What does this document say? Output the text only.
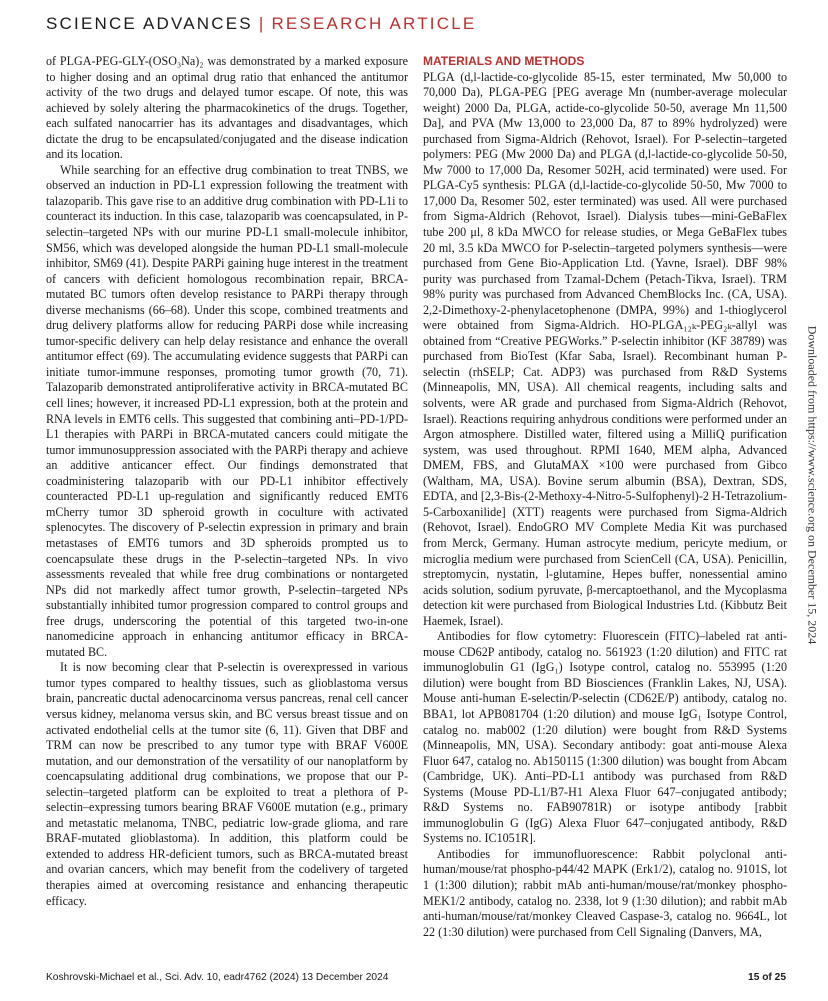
SCIENCE ADVANCES | RESEARCH ARTICLE

of PLGA-PEG-GLY-(OSO₃Na)₂ was demonstrated by a marked exposure to higher dosing and an optimal drug ratio that enhanced the antitumor activity of the two drugs and delayed tumor escape. Of note, this was achieved by solely altering the pharmacokinetics of the drugs. Together, each sulfated nanocarrier has its advantages and disadvantages, which dictate the drug to be encapsulated/conjugated and the disease indication and its location.

While searching for an effective drug combination to treat TNBS, we observed an induction in PD-L1 expression following the treatment with talazoparib. This gave rise to an additive drug combination with PD-L1i to counteract its induction. In this case, talazoparib was coencapsulated, in P-selectin–targeted NPs with our murine PD-L1 small-molecule inhibitor, SM56, which was developed alongside the human PD-L1 small-molecule inhibitor, SM69 (41). Despite PARPi gaining huge interest in the treatment of cancers with deficient homologous recombination repair, BRCA-mutated BC tumors often develop resistance to PARPi therapy through diverse mechanisms (66–68). Under this scope, combined treatments and drug delivery platforms allow for reducing PARPi dose while increasing tumor-specific delivery can help delay resistance and enhance the overall antitumor effect (69). The accumulating evidence suggests that PARPi can initiate tumor-immune responses, promoting tumor growth (70, 71). Talazoparib demonstrated antiproliferative activity in BRCA-mutated BC cell lines; however, it increased PD-L1 expression, both at the protein and RNA levels in EMT6 cells. This suggested that combining anti–PD-1/PD-L1 therapies with PARPi in BRCA-mutated cancers could mitigate the tumor immunosuppression associated with the PARPi therapy and achieve an additive anticancer effect. Our findings demonstrated that coadministering talazoparib with our PD-L1 inhibitor effectively counteracted PD-L1 up-regulation and significantly reduced EMT6 mCherry tumor 3D spheroid growth in coculture with activated splenocytes. The discovery of P-selectin expression in primary and brain metastases of EMT6 tumors and 3D spheroids prompted us to coencapsulate these drugs in the P-selectin–targeted NPs. In vivo assessments revealed that while free drug combinations or nontargeted NPs did not markedly affect tumor growth, P-selectin–targeted NPs substantially inhibited tumor progression compared to control groups and free drugs, underscoring the potential of this targeted two-in-one nanomedicine approach in enhancing antitumor efficacy in BRCA-mutated BC.

It is now becoming clear that P-selectin is overexpressed in various tumor types compared to healthy tissues, such as glioblastoma versus brain, pancreatic ductal adenocarcinoma versus pancreas, renal cell cancer versus kidney, melanoma versus skin, and BC versus breast tissue and on activated endothelial cells at the tumor site (6, 11). Given that DBF and TRM can now be prescribed to any tumor type with BRAF V600E mutation, and our demonstration of the versatility of our nanoplatform by coencapsulating additional drug combinations, we propose that our P-selectin–targeted platform can be exploited to treat a plethora of P-selectin–expressing tumors bearing BRAF V600E mutation (e.g., primary and metastatic melanoma, TNBC, pediatric low-grade glioma, and rare BRAF-mutated glioblastoma). In addition, this platform could be extended to address HR-deficient tumors, such as BRCA-mutated breast and ovarian cancers, which may benefit from the codelivery of targeted therapies aimed at overcoming resistance and enhancing therapeutic efficacy.

MATERIALS AND METHODS

PLGA (d,l-lactide-co-glycolide 85-15, ester terminated, Mw 50,000 to 70,000 Da), PLGA-PEG [PEG average Mn (number-average molecular weight) 2000 Da, PLGA, actide-co-glycolide 50-50, average Mn 11,500 Da], and PVA (Mw 13,000 to 23,000 Da, 87 to 89% hydrolyzed) were purchased from Sigma-Aldrich (Rehovot, Israel). For P-selectin–targeted polymers: PEG (Mw 2000 Da) and PLGA (d,l-lactide-co-glycolide 50-50, Mw 7000 to 17,000 Da, Resomer 502H, acid terminated) were used. For PLGA-Cy5 synthesis: PLGA (d,l-lactide-co-glycolide 50-50, Mw 7000 to 17,000 Da, Resomer 502, ester terminated) was used. All were purchased from Sigma-Aldrich (Rehovot, Israel). Dialysis tubes—mini-GeBaFlex tube 200 μl, 8 kDa MWCO for release studies, or Mega GeBaFlex tubes 20 ml, 3.5 kDa MWCO for P-selectin–targeted polymers synthesis—were purchased from Gene Bio-Application Ltd. (Yavne, Israel). DBF 98% purity was purchased from Tzamal-Dchem (Petach-Tikva, Israel). TRM 98% purity was purchased from Advanced ChemBlocks Inc. (CA, USA). 2,2-Dimethoxy-2-phenylacetophenone (DMPA, 99%) and 1-thioglycerol were obtained from Sigma-Aldrich. HO-PLGA₁₂ₖ-PEG₂ₖ-allyl was obtained from “Creative PEGWorks.” P-selectin inhibitor (KF 38789) was purchased from BioTest (Kfar Saba, Israel). Recombinant human P-selectin (rhSELP; Cat. ADP3) was purchased from R&D Systems (Minneapolis, MN, USA). All chemical reagents, including salts and solvents, were AR grade and purchased from Sigma-Aldrich (Rehovot, Israel). Reactions requiring anhydrous conditions were performed under an Argon atmosphere. Distilled water, filtered using a MilliQ purification system, was used throughout. RPMI 1640, MEM alpha, Advanced DMEM, FBS, and GlutaMAX ×100 were purchased from Gibco (Waltham, MA, USA). Bovine serum albumin (BSA), Dextran, SDS, EDTA, and [2,3-Bis-(2-Methoxy-4-Nitro-5-Sulfophenyl)-2 H-Tetrazolium-5-Carboxanilide] (XTT) reagents were purchased from Sigma-Aldrich (Rehovot, Israel). EndoGRO MV Complete Media Kit was purchased from Merck, Germany. Human astrocyte medium, pericyte medium, or microglia medium were purchased from ScienCell (CA, USA). Penicillin, streptomycin, nystatin, l-glutamine, Hepes buffer, nonessential amino acids solution, sodium pyruvate, β-mercaptoethanol, and the Mycoplasma detection kit were purchased from Biological Industries Ltd. (Kibbutz Beit Haemek, Israel).

Antibodies for flow cytometry: Fluorescein (FITC)–labeled rat anti-mouse CD62P antibody, catalog no. 561923 (1:20 dilution) and FITC rat immunoglobulin G1 (IgG₁) Isotype control, catalog no. 553995 (1:20 dilution) were bought from BD Biosciences (Franklin Lakes, NJ, USA). Mouse anti-human E-selectin/P-selectin (CD62E/P) antibody, catalog no. BBA1, lot APB081704 (1:20 dilution) and mouse IgG₁ Isotype Control, catalog no. mab002 (1:20 dilution) were bought from R&D Systems (Minneapolis, MN, USA). Secondary antibody: goat anti-mouse Alexa Fluor 647, catalog no. Ab150115 (1:300 dilution) was bought from Abcam (Cambridge, UK). Anti–PD-L1 antibody was purchased from R&D Systems (Mouse PD-L1/B7-H1 Alexa Fluor 647–conjugated antibody; R&D Systems no. FAB90781R) or isotype antibody [rabbit immunoglobulin G (IgG) Alexa Fluor 647–conjugated antibody, R&D Systems no. IC1051R].

Antibodies for immunofluorescence: Rabbit polyclonal anti-human/mouse/rat phospho-p44/42 MAPK (Erk1/2), catalog no. 9101S, lot 1 (1:300 dilution); rabbit mAb anti-human/mouse/rat/monkey phospho-MEK1/2 antibody, catalog no. 2338, lot 9 (1:30 dilution); and rabbit mAb anti-human/mouse/rat/monkey Cleaved Caspase-3, catalog no. 9664L, lot 22 (1:30 dilution) were purchased from Cell Signaling (Danvers, MA,

Downloaded from https://www.science.org on December 15, 2024
Koshrovski-Michael et al., Sci. Adv. 10, eadr4762 (2024) 13 December 2024	15 of 25
